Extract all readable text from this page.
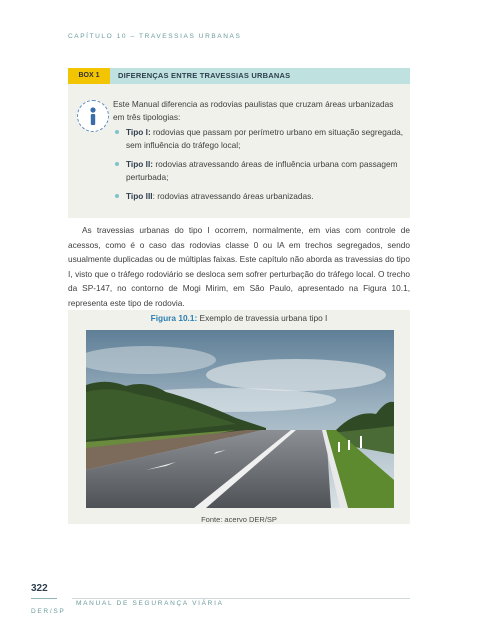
CAPÍTULO 10 – TRAVESSIAS URBANAS
BOX 1	DIFERENÇAS ENTRE TRAVESSIAS URBANAS
Este Manual diferencia as rodovias paulistas que cruzam áreas urbanizadas em três tipologias:
Tipo I: rodovias que passam por perímetro urbano em situação segregada, sem influência do tráfego local;
Tipo II: rodovias atravessando áreas de influência urbana com passagem perturbada;
Tipo III: rodovias atravessando áreas urbanizadas.

As travessias urbanas do tipo I ocorrem, normalmente, em vias com controle de acessos, como é o caso das rodovias classe 0 ou IA em trechos segregados, sendo usualmente duplicadas ou de múltiplas faixas. Este capítulo não aborda as travessias do tipo I, visto que o tráfego rodoviário se desloca sem sofrer perturbação do tráfego local. O trecho da SP-147, no contorno de Mogi Mirim, em São Paulo, apresentado na Figura 10.1, representa este tipo de rodovia.

Figura 10.1: Exemplo de travessia urbana tipo I
Fonte: acervo DER/SP
322
MANUAL DE SEGURANÇA VIÁRIA
DER/SP
